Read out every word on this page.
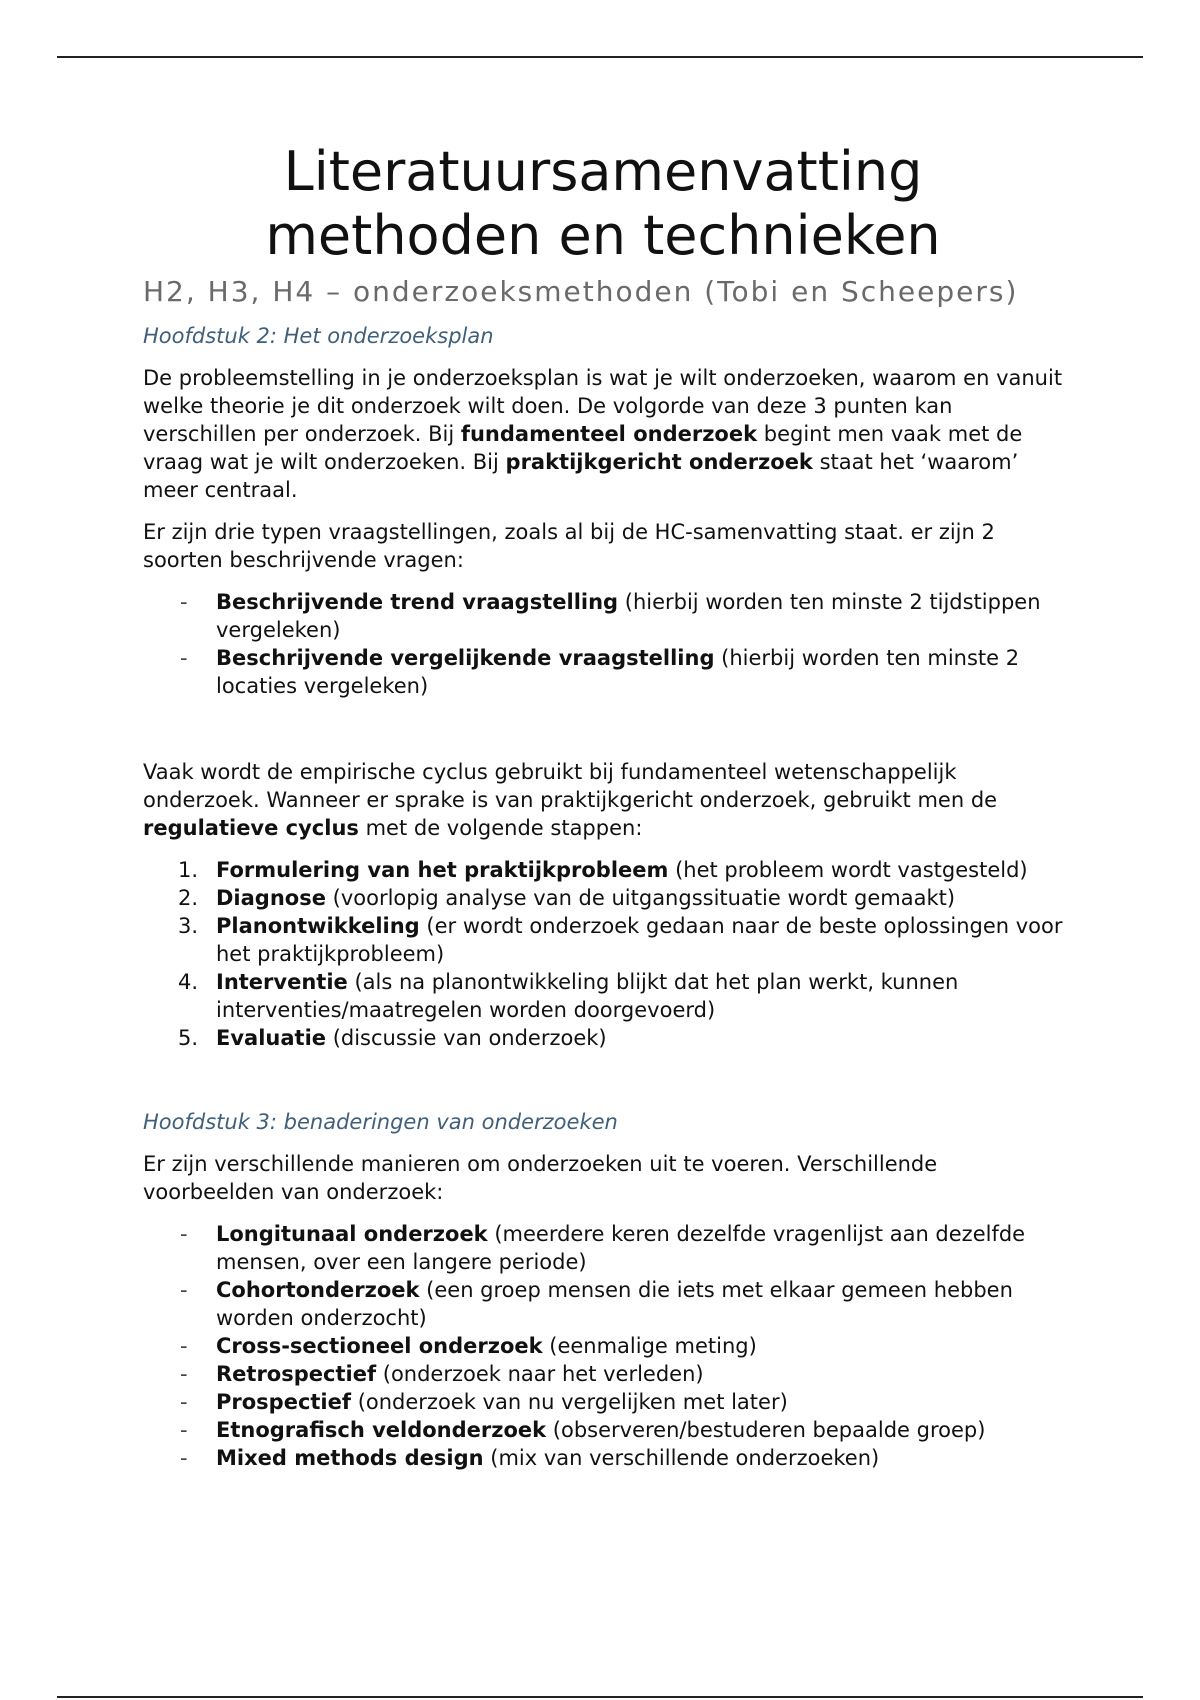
Literatuursamenvatting
methoden en technieken
H2, H3, H4 – onderzoeksmethoden (Tobi en Scheepers)
Hoofdstuk 2: Het onderzoeksplan

De probleemstelling in je onderzoeksplan is wat je wilt onderzoeken, waarom en vanuit welke theorie je dit onderzoek wilt doen. De volgorde van deze 3 punten kan verschillen per onderzoek. Bij fundamenteel onderzoek begint men vaak met de vraag wat je wilt onderzoeken. Bij praktijkgericht onderzoek staat het ‘waarom’ meer centraal.

Er zijn drie typen vraagstellingen, zoals al bij de HC-samenvatting staat. er zijn 2 soorten beschrijvende vragen:

-	Beschrijvende trend vraagstelling (hierbij worden ten minste 2 tijdstippen vergeleken)
-	Beschrijvende vergelijkende vraagstelling (hierbij worden ten minste 2 locaties vergeleken)

Vaak wordt de empirische cyclus gebruikt bij fundamenteel wetenschappelijk onderzoek. Wanneer er sprake is van praktijkgericht onderzoek, gebruikt men de regulatieve cyclus met de volgende stappen:

1. Formulering van het praktijkprobleem (het probleem wordt vastgesteld)
2. Diagnose (voorlopig analyse van de uitgangssituatie wordt gemaakt)
3. Planontwikkeling (er wordt onderzoek gedaan naar de beste oplossingen voor het praktijkprobleem)
4. Interventie (als na planontwikkeling blijkt dat het plan werkt, kunnen interventies/maatregelen worden doorgevoerd)
5. Evaluatie (discussie van onderzoek)
Hoofdstuk 3: benaderingen van onderzoeken

Er zijn verschillende manieren om onderzoeken uit te voeren. Verschillende voorbeelden van onderzoek:

-	Longitunaal onderzoek (meerdere keren dezelfde vragenlijst aan dezelfde mensen, over een langere periode)
-	Cohortonderzoek (een groep mensen die iets met elkaar gemeen hebben worden onderzocht)
-	Cross-sectioneel onderzoek (eenmalige meting)
-	Retrospectief (onderzoek naar het verleden)
-	Prospectief (onderzoek van nu vergelijken met later)
-	Etnografisch veldonderzoek (observeren/bestuderen bepaalde groep)
-	Mixed methods design (mix van verschillende onderzoeken)
